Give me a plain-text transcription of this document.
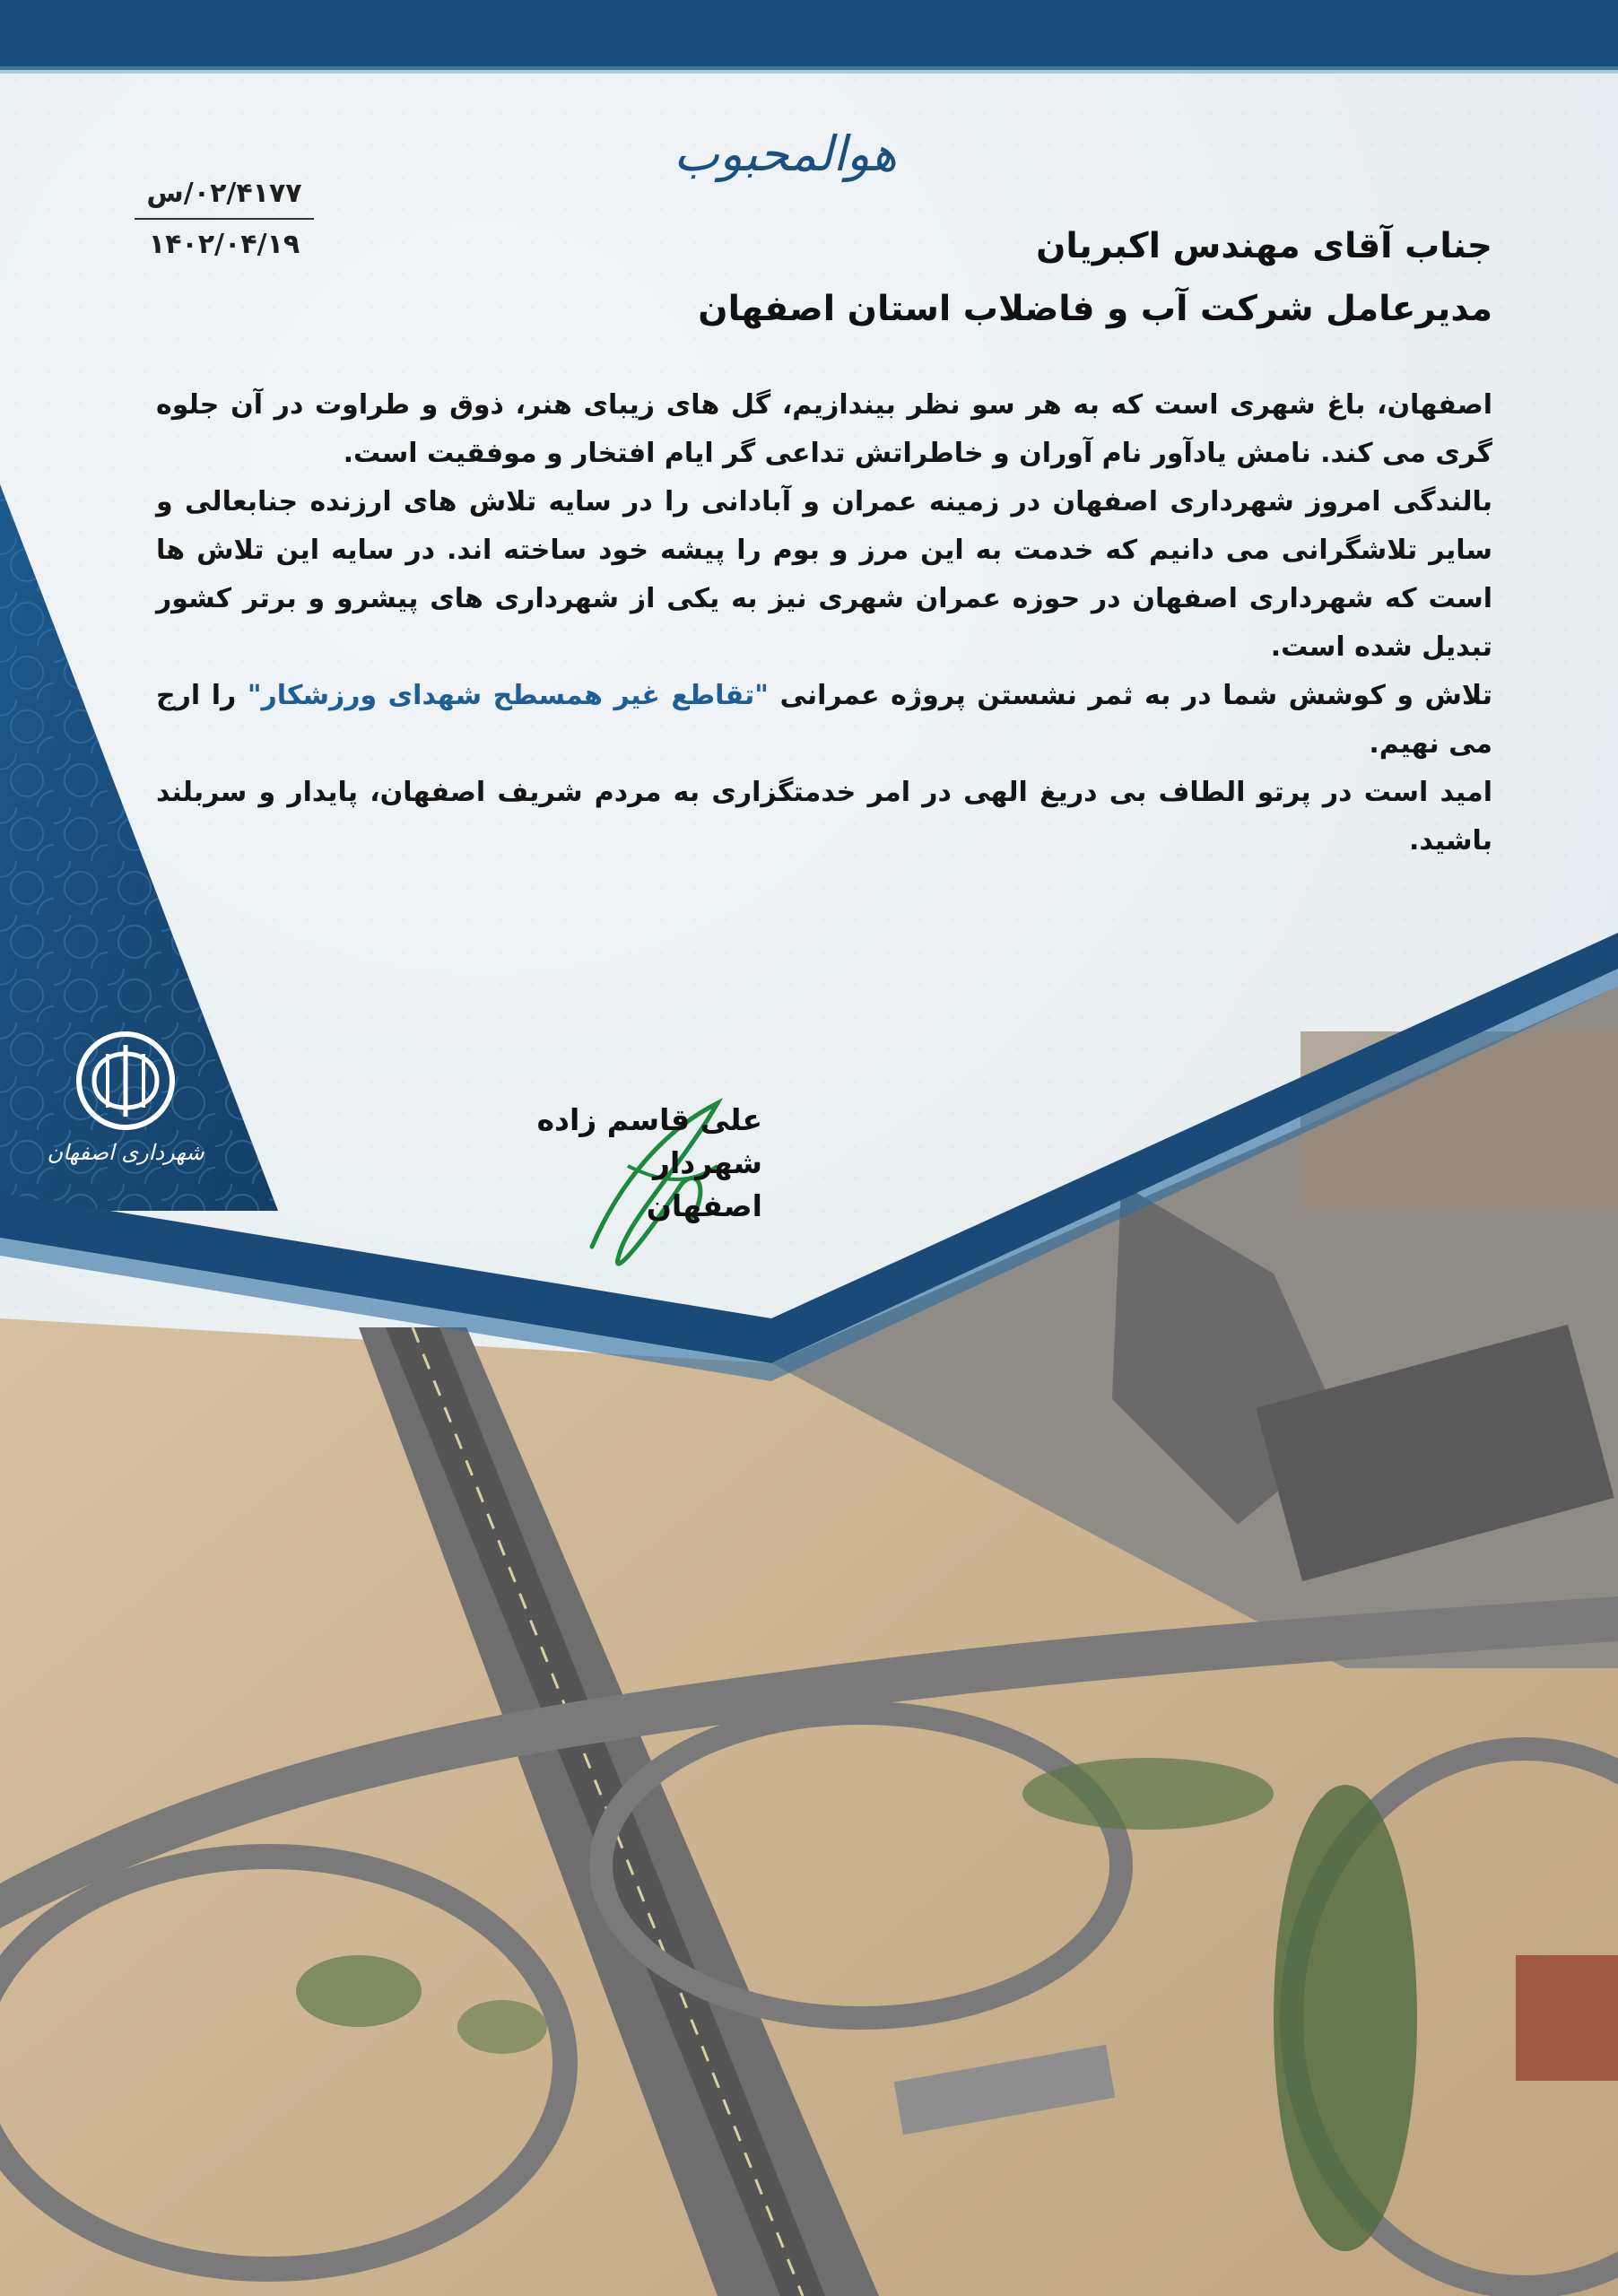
هوالمحبوب
۰۲/۴۱۷۷/س
۱۴۰۲/۰۴/۱۹	جناب آقای مهندس اکبریان
مدیرعامل شرکت آب و فاضلاب استان اصفهان

اصفهان، باغ شهری است که به هر سو نظر بیندازیم، گل های زیبای هنر، ذوق و طراوت در آن جلوه گری می کند. نامش یادآور نام آوران و خاطراتش تداعی گر ایام افتخار و موفقیت است.

بالندگی امروز شهرداری اصفهان در زمینه عمران و آبادانی را در سایه تلاش های ارزنده جنابعالی و سایر تلاشگرانی می دانیم که خدمت به این مرز و بوم را پیشه خود ساخته اند. در سایه این تلاش ها است که شهرداری اصفهان در حوزه عمران شهری نیز به یکی از شهرداری های پیشرو و برتر کشور تبدیل شده است.

تلاش و کوشش شما در به ثمر نشستن پروژه عمرانی "تقاطع غیر همسطح شهدای ورزشکار" را ارج می نهیم.

امید است در پرتو الطاف بی دریغ الهی در امر خدمتگزاری به مردم شریف اصفهان، پایدار و سربلند باشید.

علی قاسم زاده
شهردار اصفهان
شهرداری اصفهان
